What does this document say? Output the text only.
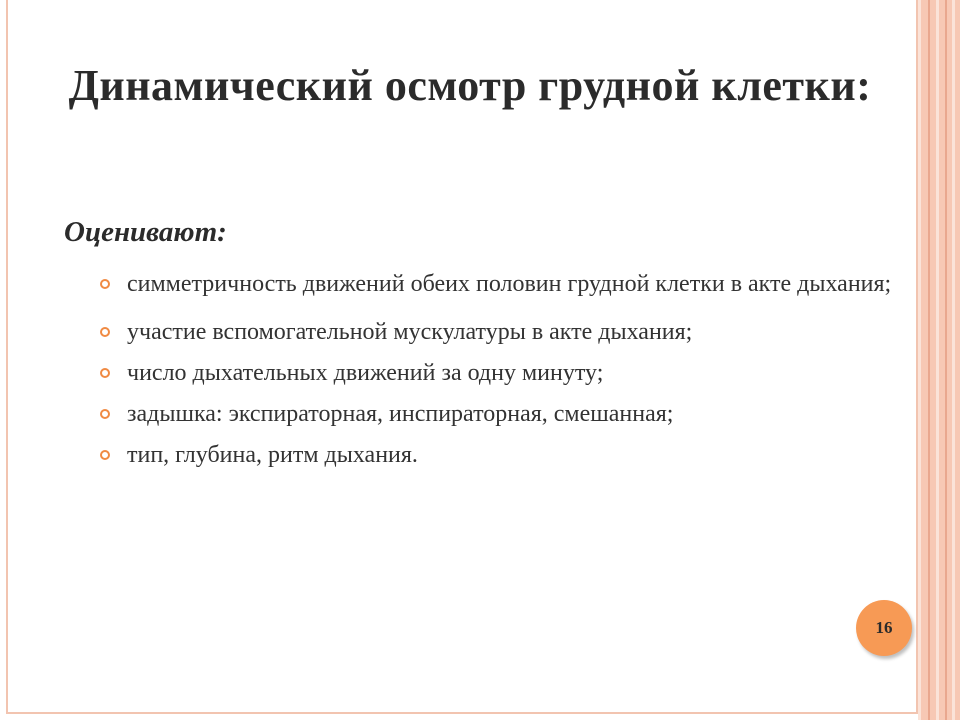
Динамический осмотр грудной клетки:

Оценивают:

симметричность движений обеих половин грудной клетки в акте дыхания;
участие вспомогательной мускулатуры в акте дыхания;
число дыхательных движений за одну минуту;
задышка: экспираторная, инспираторная, смешанная;
тип, глубина, ритм дыхания.
16
